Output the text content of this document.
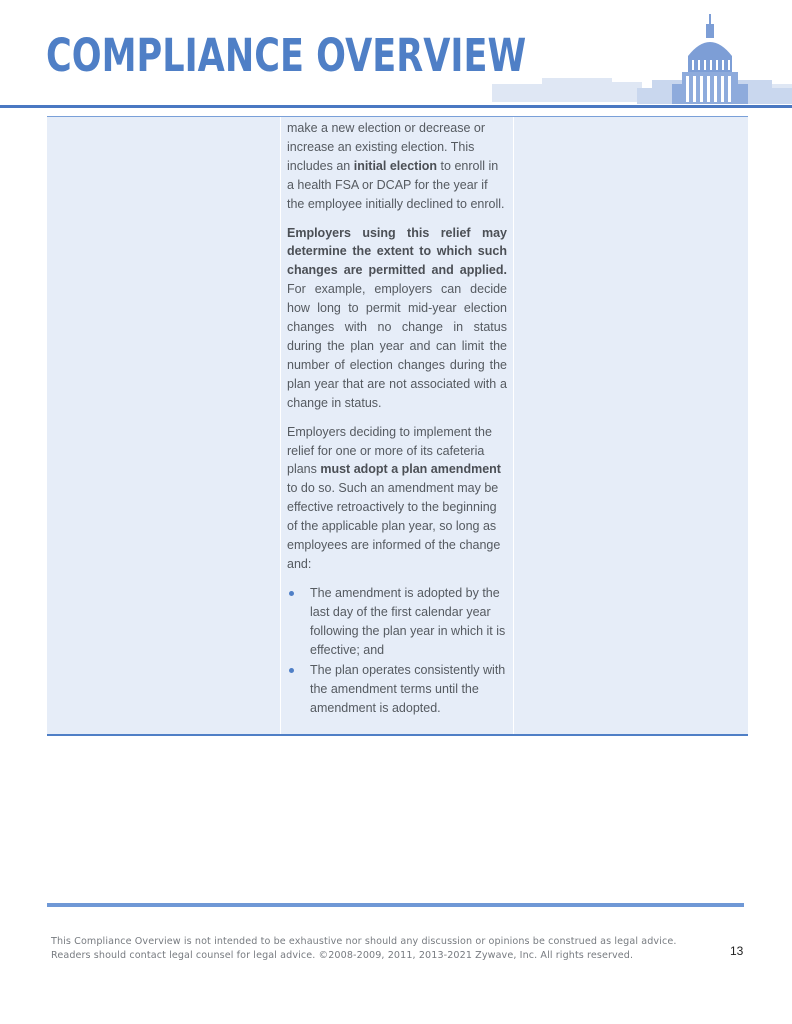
COMPLIANCE OVERVIEW

make a new election or decrease or increase an existing election. This includes an initial election to enroll in a health FSA or DCAP for the year if the employee initially declined to enroll.

Employers using this relief may determine the extent to which such changes are permitted and applied. For example, employers can decide how long to permit mid-year election changes with no change in status during the plan year and can limit the number of election changes during the plan year that are not associated with a change in status.

Employers deciding to implement the relief for one or more of its cafeteria plans must adopt a plan amendment to do so. Such an amendment may be effective retroactively to the beginning of the applicable plan year, so long as employees are informed of the change and:

The amendment is adopted by the last day of the first calendar year following the plan year in which it is effective; and
The plan operates consistently with the amendment terms until the amendment is adopted.
This Compliance Overview is not intended to be exhaustive nor should any discussion or opinions be construed as legal advice.
Readers should contact legal counsel for legal advice. ©2008-2009, 2011, 2013-2021 Zywave, Inc. All rights reserved.	13
